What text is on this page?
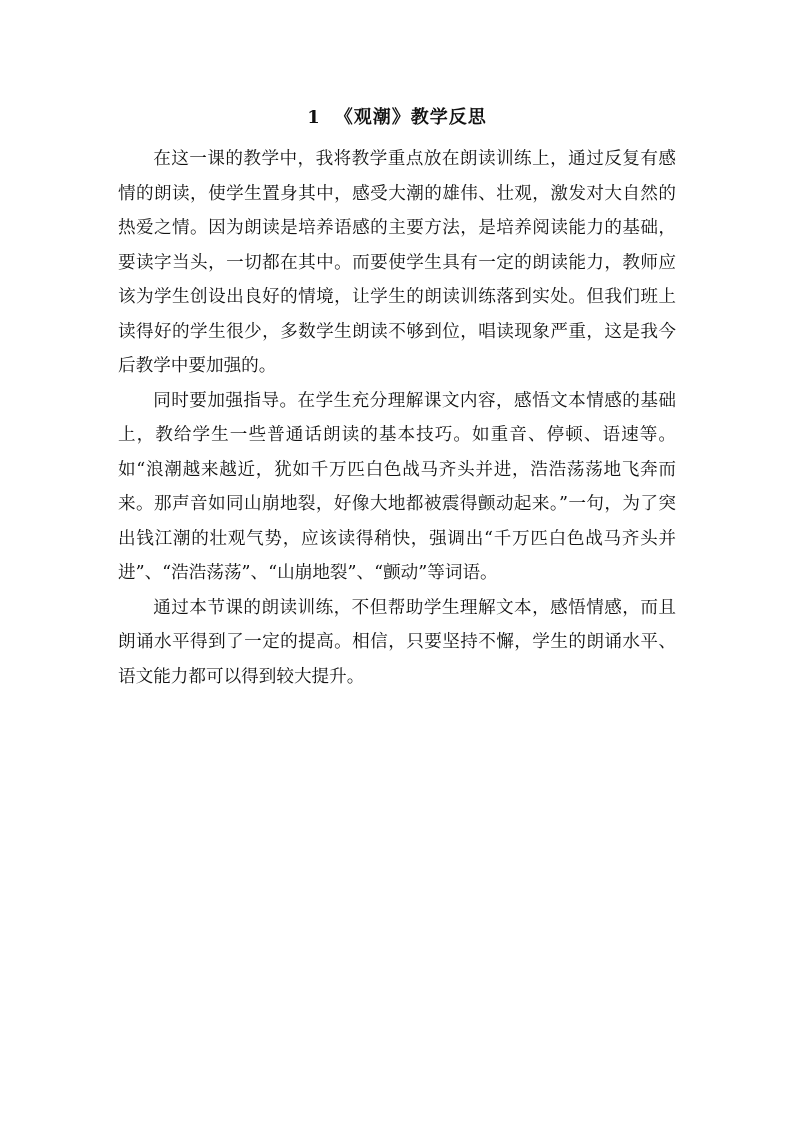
1 《观潮》教学反思

在这一课的教学中，我将教学重点放在朗读训练上，通过反复有感情的朗读，使学生置身其中，感受大潮的雄伟、壮观，激发对大自然的热爱之情。因为朗读是培养语感的主要方法，是培养阅读能力的基础，要读字当头，一切都在其中。而要使学生具有一定的朗读能力，教师应该为学生创设出良好的情境，让学生的朗读训练落到实处。但我们班上读得好的学生很少，多数学生朗读不够到位，唱读现象严重，这是我今后教学中要加强的。

同时要加强指导。在学生充分理解课文内容，感悟文本情感的基础上，教给学生一些普通话朗读的基本技巧。如重音、停顿、语速等。如“浪潮越来越近，犹如千万匹白色战马齐头并进，浩浩荡荡地飞奔而来。那声音如同山崩地裂，好像大地都被震得颤动起来。”一句，为了突出钱江潮的壮观气势，应该读得稍快，强调出“千万匹白色战马齐头并进”、“浩浩荡荡”、“山崩地裂”、“颤动”等词语。

通过本节课的朗读训练，不但帮助学生理解文本，感悟情感，而且朗诵水平得到了一定的提高。相信，只要坚持不懈，学生的朗诵水平、语文能力都可以得到较大提升。
